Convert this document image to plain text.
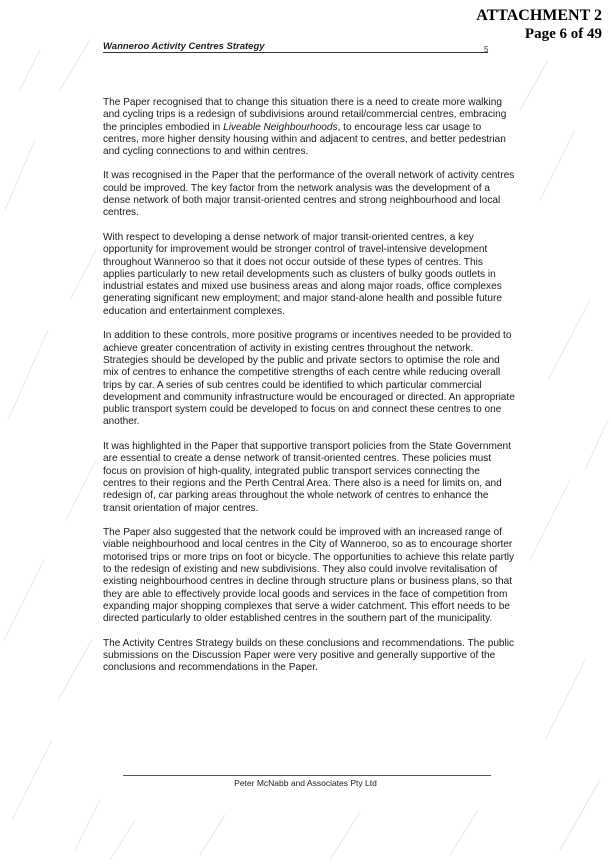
ATTACHMENT 2
Page 6 of 49
Wanneroo Activity Centres Strategy	5

The Paper recognised that to change this situation there is a need to create more walking and cycling trips is a redesign of subdivisions around retail/commercial centres, embracing the principles embodied in Liveable Neighbourhoods, to encourage less car usage to centres, more higher density housing within and adjacent to centres, and better pedestrian and cycling connections to and within centres.

It was recognised in the Paper that the performance of the overall network of activity centres could be improved. The key factor from the network analysis was the development of a dense network of both major transit-oriented centres and strong neighbourhood and local centres.

With respect to developing a dense network of major transit-oriented centres, a key opportunity for improvement would be stronger control of travel-intensive development throughout Wanneroo so that it does not occur outside of these types of centres. This applies particularly to new retail developments such as clusters of bulky goods outlets in industrial estates and mixed use business areas and along major roads, office complexes generating significant new employment; and major stand-alone health and possible future education and entertainment complexes.

In addition to these controls, more positive programs or incentives needed to be provided to achieve greater concentration of activity in existing centres throughout the network. Strategies should be developed by the public and private sectors to optimise the role and mix of centres to enhance the competitive strengths of each centre while reducing overall trips by car. A series of sub centres could be identified to which particular commercial development and community infrastructure would be encouraged or directed. An appropriate public transport system could be developed to focus on and connect these centres to one another.

It was highlighted in the Paper that supportive transport policies from the State Government are essential to create a dense network of transit-oriented centres. These policies must focus on provision of high-quality, integrated public transport services connecting the centres to their regions and the Perth Central Area. There also is a need for limits on, and redesign of, car parking areas throughout the whole network of centres to enhance the transit orientation of major centres.

The Paper also suggested that the network could be improved with an increased range of viable neighbourhood and local centres in the City of Wanneroo, so as to encourage shorter motorised trips or more trips on foot or bicycle. The opportunities to achieve this relate partly to the redesign of existing and new subdivisions. They also could involve revitalisation of existing neighbourhood centres in decline through structure plans or business plans, so that they are able to effectively provide local goods and services in the face of competition from expanding major shopping complexes that serve a wider catchment. This effort needs to be directed particularly to older established centres in the southern part of the municipality.

The Activity Centres Strategy builds on these conclusions and recommendations. The public submissions on the Discussion Paper were very positive and generally supportive of the conclusions and recommendations in the Paper.

Peter McNabb and Associates Pty Ltd
